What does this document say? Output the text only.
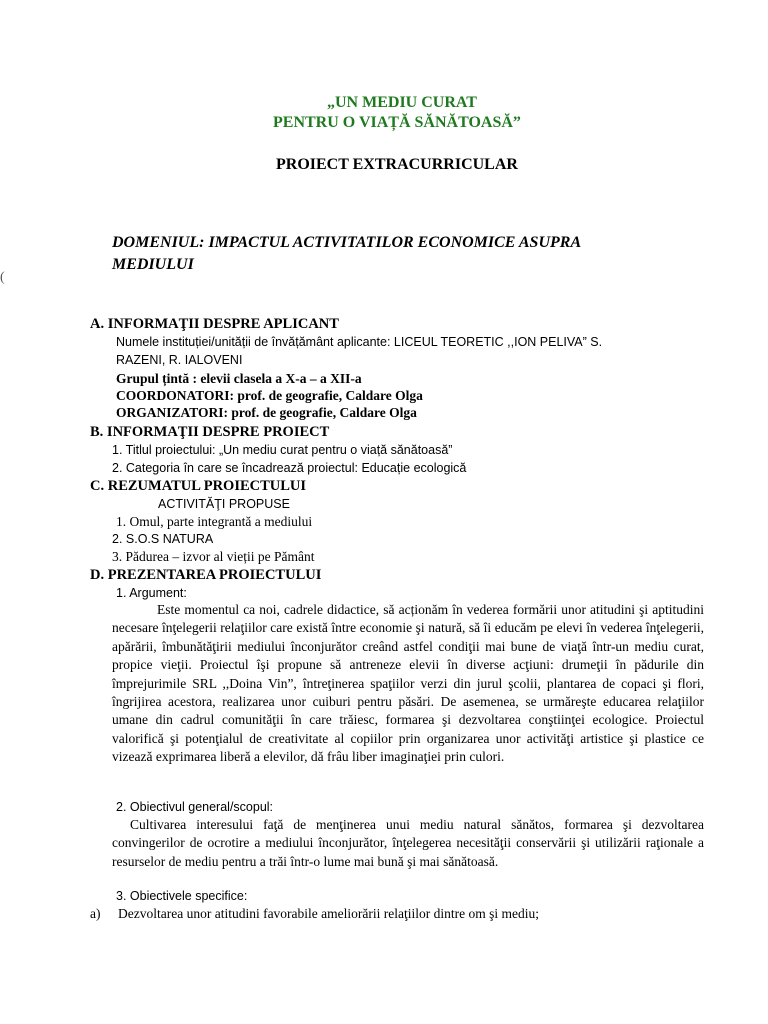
„UN MEDIU CURAT
PENTRU O VIAȚĂ SĂNĂTOASĂ”
PROIECT EXTRACURRICULAR
DOMENIUL: IMPACTUL ACTIVITATILOR ECONOMICE ASUPRA
MEDIULUI
(
A. INFORMAŢII DESPRE APLICANT
Numele instituției/unității de învățământ aplicante: LICEUL TEORETIC ,,ION PELIVA” S.
RAZENI, R. IALOVENI
Grupul țintă : elevii clasela a X-a – a XII-a
COORDONATORI: prof. de geografie, Caldare Olga
ORGANIZATORI: prof. de geografie, Caldare Olga
B. INFORMAŢII DESPRE PROIECT
1. Titlul proiectului: „Un mediu curat pentru o viață sănătoasă”
2. Categoria în care se încadrează proiectul: Educație ecologică
C. REZUMATUL PROIECTULUI
ACTIVITĂŢI PROPUSE
1. Omul, parte integrantă a mediului
2. S.O.S NATURA
3. Pădurea – izvor al vieții pe Pământ
D. PREZENTAREA PROIECTULUI
1. Argument:
Este momentul ca noi, cadrele didactice, să acționăm în vederea formării unor atitudini şi aptitudini necesare înţelegerii relaţiilor care există între economie şi natură, să îi educăm pe elevi în vederea înţelegerii, apărării, îmbunătăţirii mediului înconjurător creând astfel condiţii mai bune de viaţă într-un mediu curat, propice vieţii. Proiectul îşi propune să antreneze elevii în diverse acţiuni: drumeţii în pădurile din împrejurimile SRL ,,Doina Vin”, întreţinerea spaţiilor verzi din jurul şcolii, plantarea de copaci şi flori, îngrijirea acestora, realizarea unor cuiburi pentru păsări. De asemenea, se urmăreşte educarea relaţiilor umane din cadrul comunităţii în care trăiesc, formarea şi dezvoltarea conştiinţei ecologice. Proiectul valorifică şi potenţialul de creativitate al copiilor prin organizarea unor activităţi artistice şi plastice ce vizează exprimarea liberă a elevilor, dă frâu liber imaginaţiei prin culori.
2. Obiectivul general/scopul:
Cultivarea interesului faţă de menţinerea unui mediu natural sănătos, formarea şi dezvoltarea convingerilor de ocrotire a mediului înconjurător, înţelegerea necesităţii conservării şi utilizării raţionale a resurselor de mediu pentru a trăi într-o lume mai bună şi mai sănătoasă.
3. Obiectivele specifice:
a) Dezvoltarea unor atitudini favorabile ameliorării relaţiilor dintre om şi mediu;
